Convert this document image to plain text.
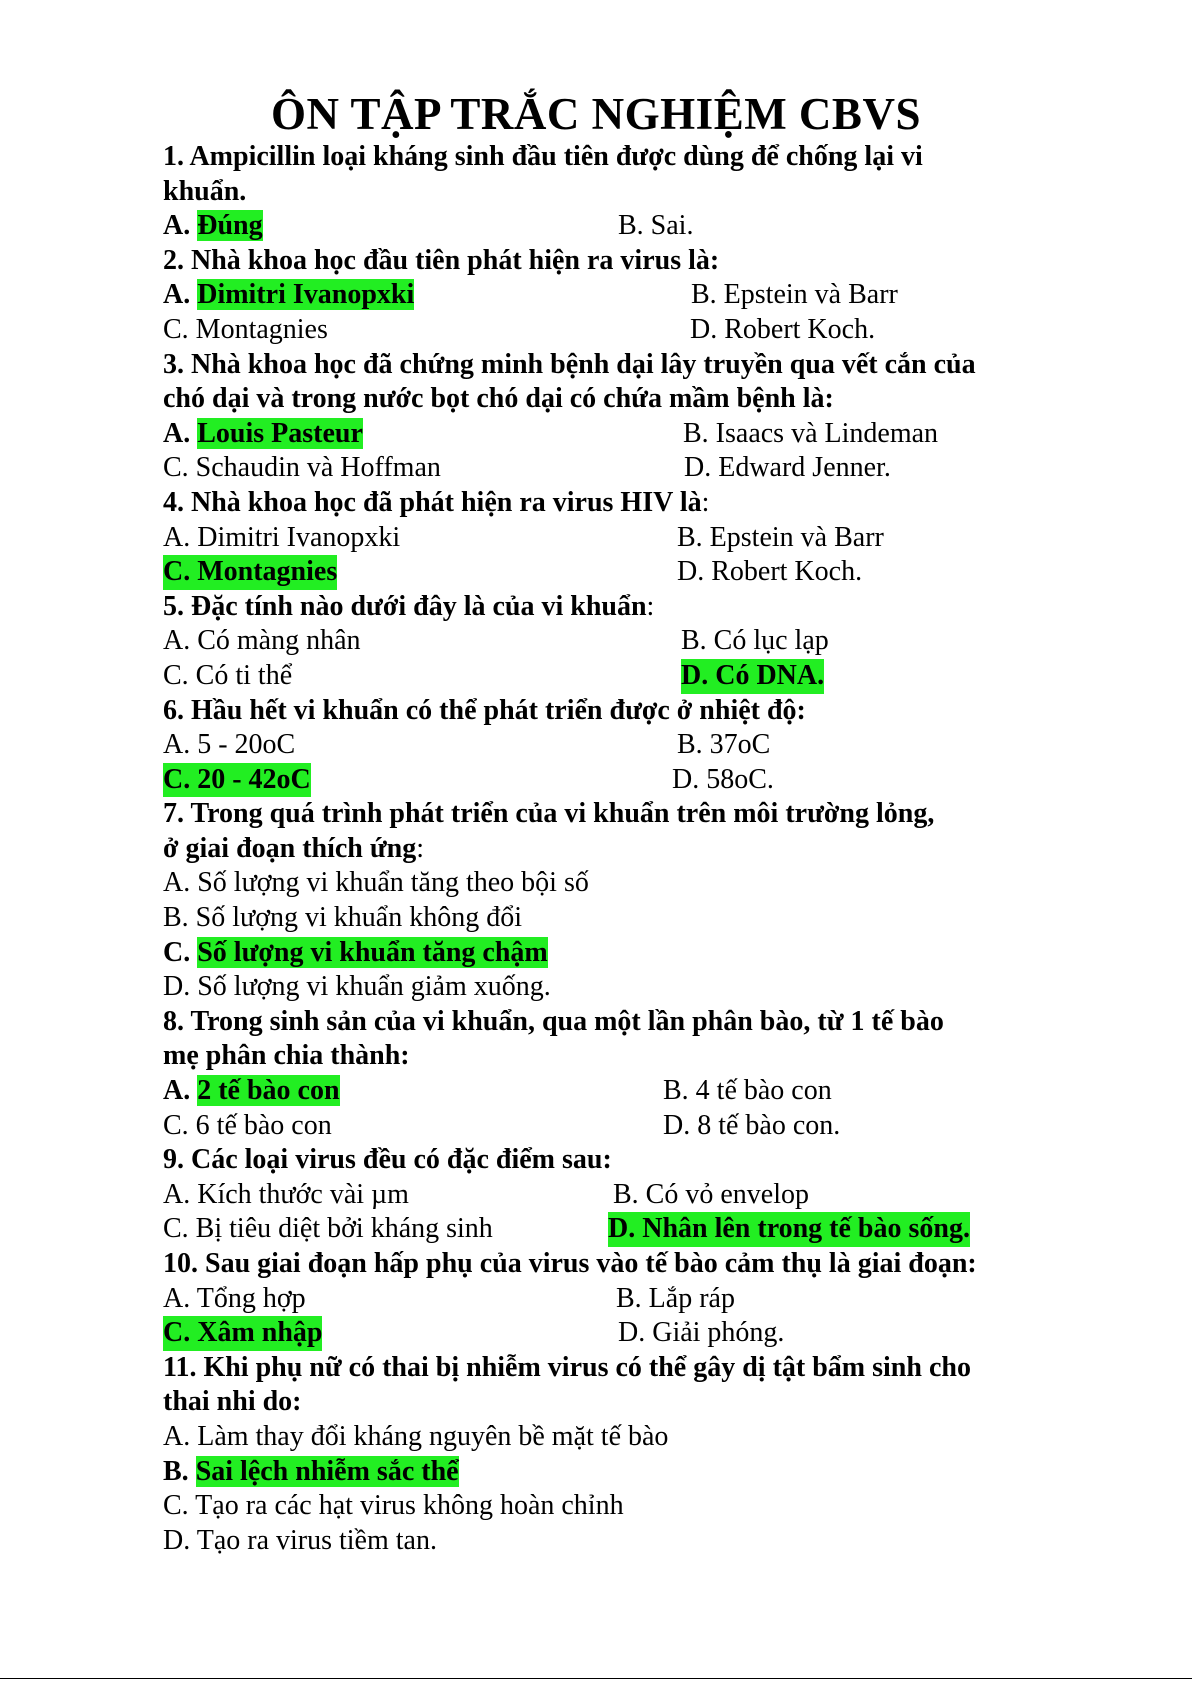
ÔN TẬP TRẮC NGHIỆM CBVS
1. Ampicillin loại kháng sinh đầu tiên được dùng để chống lại vi
khuẩn.
A. Đúng	B. Sai.
2. Nhà khoa học đầu tiên phát hiện ra virus là:
A. Dimitri Ivanopxki	B. Epstein và Barr
C. Montagnies	D. Robert Koch.
3. Nhà khoa học đã chứng minh bệnh dại lây truyền qua vết cắn của
chó dại và trong nước bọt chó dại có chứa mầm bệnh là:
A. Louis Pasteur	B. Isaacs và Lindeman
C. Schaudin và Hoffman	D. Edward Jenner.
4. Nhà khoa học đã phát hiện ra virus HIV là:
A. Dimitri Ivanopxki	B. Epstein và Barr
C. Montagnies	D. Robert Koch.
5. Đặc tính nào dưới đây là của vi khuẩn:
A. Có màng nhân	B. Có lục lạp
C. Có ti thể	D. Có DNA.
6. Hầu hết vi khuẩn có thể phát triển được ở nhiệt độ:
A. 5 - 20oC	B. 37oC
C. 20 - 42oC	D. 58oC.
7. Trong quá trình phát triển của vi khuẩn trên môi trường lỏng,
ở giai đoạn thích ứng:
A. Số lượng vi khuẩn tăng theo bội số
B. Số lượng vi khuẩn không đổi
C. Số lượng vi khuẩn tăng chậm
D. Số lượng vi khuẩn giảm xuống.
8. Trong sinh sản của vi khuẩn, qua một lần phân bào, từ 1 tế bào
mẹ phân chia thành:
A. 2 tế bào con	B. 4 tế bào con
C. 6 tế bào con	D. 8 tế bào con.
9. Các loại virus đều có đặc điểm sau:
A. Kích thước vài µm	B. Có vỏ envelop
C. Bị tiêu diệt bởi kháng sinh	D. Nhân lên trong tế bào sống.
10. Sau giai đoạn hấp phụ của virus vào tế bào cảm thụ là giai đoạn:
A. Tổng hợp	B. Lắp ráp
C. Xâm nhập	D. Giải phóng.
11. Khi phụ nữ có thai bị nhiễm virus có thể gây dị tật bẩm sinh cho
thai nhi do:
A. Làm thay đổi kháng nguyên bề mặt tế bào
B. Sai lệch nhiễm sắc thể
C. Tạo ra các hạt virus không hoàn chỉnh
D. Tạo ra virus tiềm tan.
